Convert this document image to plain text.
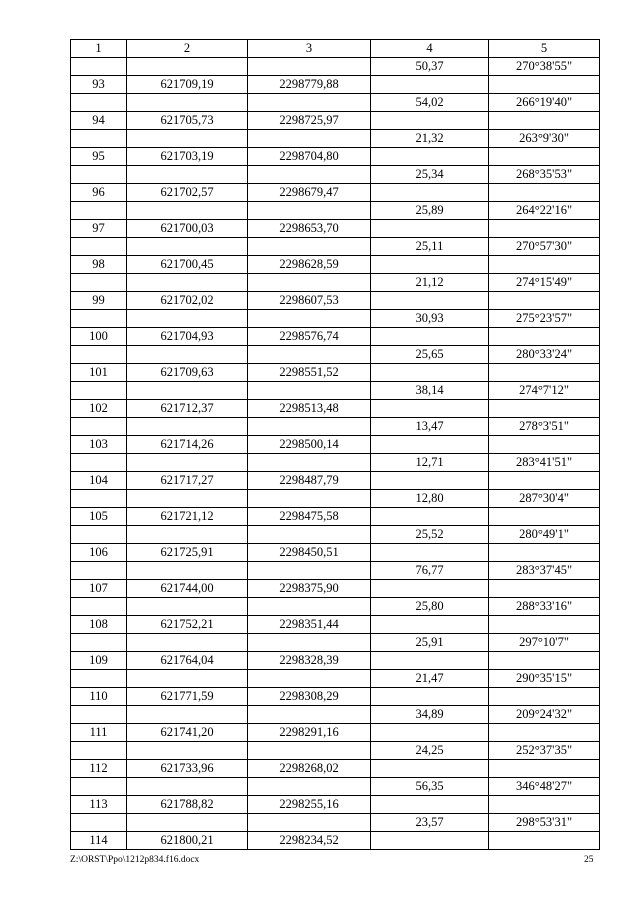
1	2	3	4	5
			50,37	270°38'55"
93	621709,19	2298779,88		
			54,02	266°19'40"
94	621705,73	2298725,97		
			21,32	263°9'30"
95	621703,19	2298704,80		
			25,34	268°35'53"
96	621702,57	2298679,47		
			25,89	264°22'16"
97	621700,03	2298653,70		
			25,11	270°57'30"
98	621700,45	2298628,59		
			21,12	274°15'49"
99	621702,02	2298607,53		
			30,93	275°23'57"
100	621704,93	2298576,74		
			25,65	280°33'24"
101	621709,63	2298551,52		
			38,14	274°7'12"
102	621712,37	2298513,48		
			13,47	278°3'51"
103	621714,26	2298500,14		
			12,71	283°41'51"
104	621717,27	2298487,79		
			12,80	287°30'4"
105	621721,12	2298475,58		
			25,52	280°49'1"
106	621725,91	2298450,51		
			76,77	283°37'45"
107	621744,00	2298375,90		
			25,80	288°33'16"
108	621752,21	2298351,44		
			25,91	297°10'7"
109	621764,04	2298328,39		
			21,47	290°35'15"
110	621771,59	2298308,29		
			34,89	209°24'32"
111	621741,20	2298291,16		
			24,25	252°37'35"
112	621733,96	2298268,02		
			56,35	346°48'27"
113	621788,82	2298255,16		
			23,57	298°53'31"
114	621800,21	2298234,52		
Z:\ORST\Ppo\1212p834.f16.docx	25
